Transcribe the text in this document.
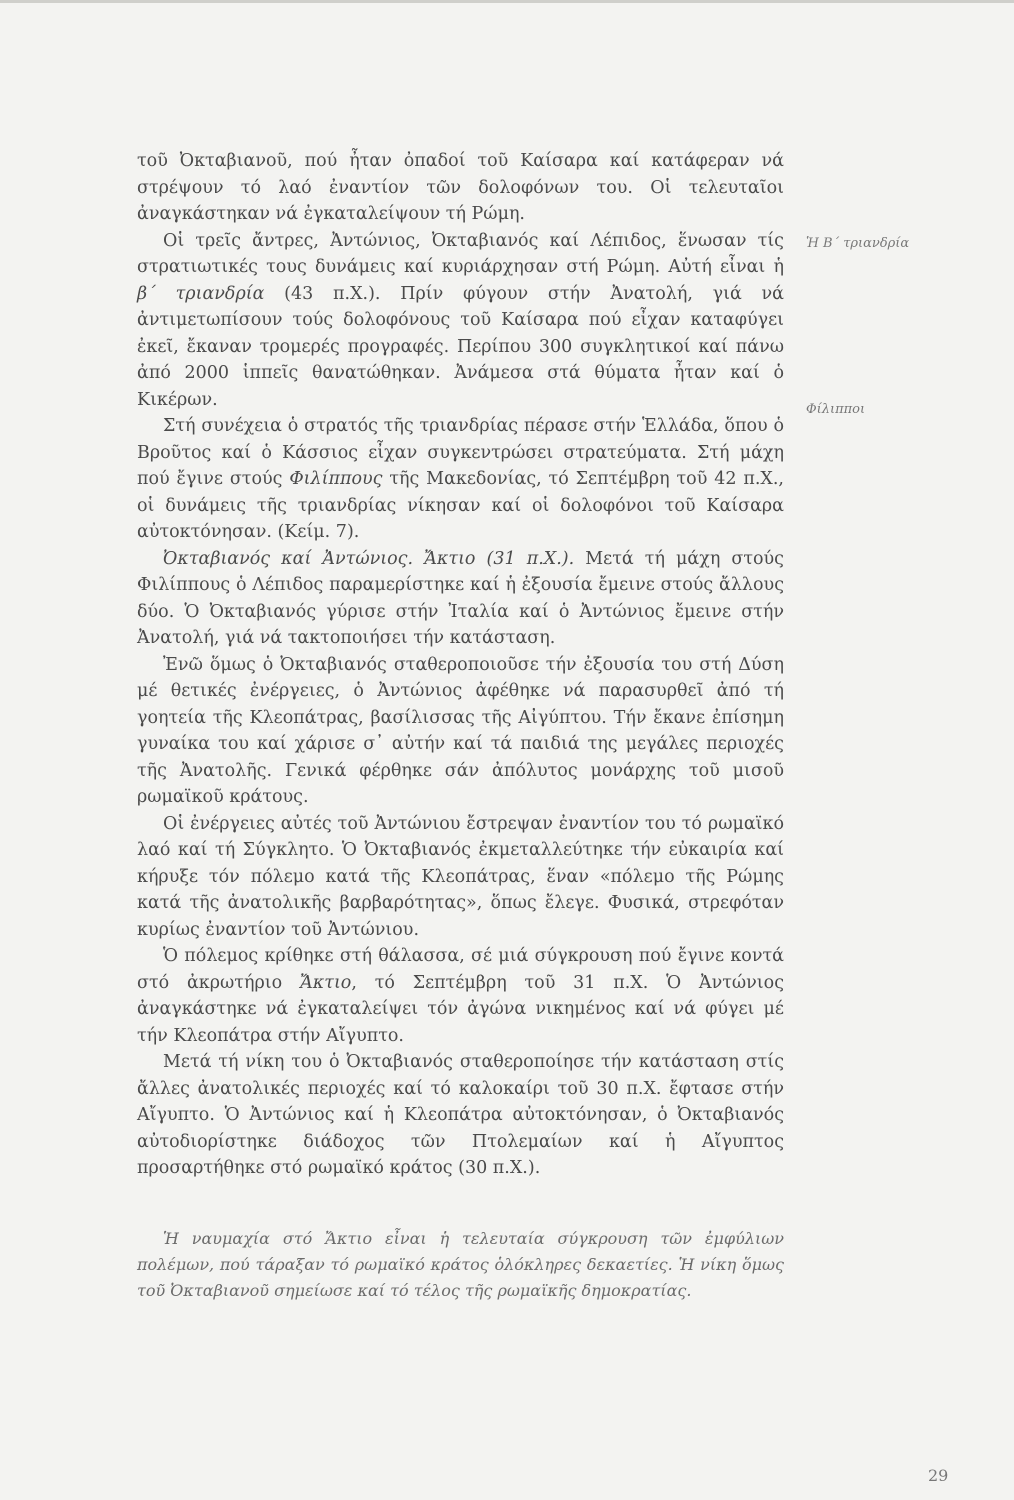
τοῦ Ὀκταβιανοῦ, πού ἦταν ὀπαδοί τοῦ Καίσαρα καί κατάφεραν νά στρέψουν τό λαό ἐναντίον τῶν δολοφόνων του. Οἱ τελευταῖοι ἀναγκάστηκαν νά ἐγκαταλείψουν τή Ρώμη.

Οἱ τρεῖς ἄντρες, Ἀντώνιος, Ὀκταβιανός καί Λέπιδος, ἕνωσαν τίς στρατιωτικές τους δυνάμεις καί κυριάρχησαν στή Ρώμη. Αὐτή εἶναι ἡ β΄ τριανδρία (43 π.Χ.). Πρίν φύγουν στήν Ἀνατολή, γιά νά ἀντιμετωπίσουν τούς δολοφόνους τοῦ Καίσαρα πού εἶχαν καταφύγει ἐκεῖ, ἔκαναν τρομερές προγραφές. Περίπου 300 συγκλητικοί καί πάνω ἀπό 2000 ἱππεῖς θανατώθηκαν. Ἀνάμεσα στά θύματα ἦταν καί ὁ Κικέρων.

Στή συνέχεια ὁ στρατός τῆς τριανδρίας πέρασε στήν Ἑλλάδα, ὅπου ὁ Βροῦτος καί ὁ Κάσσιος εἶχαν συγκεντρώσει στρατεύματα. Στή μάχη πού ἔγινε στούς Φιλίππους τῆς Μακεδονίας, τό Σεπτέμβρη τοῦ 42 π.Χ., οἱ δυνάμεις τῆς τριανδρίας νίκησαν καί οἱ δολοφόνοι τοῦ Καίσαρα αὐτοκτόνησαν. (Κείμ. 7).

Ὀκταβιανός καί Ἀντώνιος. Ἄκτιο (31 π.Χ.). Μετά τή μάχη στούς Φιλίππους ὁ Λέπιδος παραμερίστηκε καί ἡ ἐξουσία ἔμεινε στούς ἄλλους δύο. Ὁ Ὀκταβιανός γύρισε στήν Ἰταλία καί ὁ Ἀντώνιος ἔμεινε στήν Ἀνατολή, γιά νά τακτοποιήσει τήν κατάσταση.

Ἐνῶ ὅμως ὁ Ὀκταβιανός σταθεροποιοῦσε τήν ἐξουσία του στή Δύση μέ θετικές ἐνέργειες, ὁ Ἀντώνιος ἀφέθηκε νά παρασυρθεῖ ἀπό τή γοητεία τῆς Κλεοπάτρας, βασίλισσας τῆς Αἰγύπτου. Τήν ἔκανε ἐπίσημη γυναίκα του καί χάρισε σ᾽ αὐτήν καί τά παιδιά της μεγάλες περιοχές τῆς Ἀνατολῆς. Γενικά φέρθηκε σάν ἀπόλυτος μονάρχης τοῦ μισοῦ ρωμαϊκοῦ κράτους.

Οἱ ἐνέργειες αὐτές τοῦ Ἀντώνιου ἔστρεψαν ἐναντίον του τό ρωμαϊκό λαό καί τή Σύγκλητο. Ὁ Ὀκταβιανός ἐκμεταλλεύτηκε τήν εὐκαιρία καί κήρυξε τόν πόλεμο κατά τῆς Κλεοπάτρας, ἕναν «πόλεμο τῆς Ρώμης κατά τῆς ἀνατολικῆς βαρβαρότητας», ὅπως ἔλεγε. Φυσικά, στρεφόταν κυρίως ἐναντίον τοῦ Ἀντώνιου.

Ὁ πόλεμος κρίθηκε στή θάλασσα, σέ μιά σύγκρουση πού ἔγινε κοντά στό ἀκρωτήριο Ἄκτιο, τό Σεπτέμβρη τοῦ 31 π.Χ. Ὁ Ἀντώνιος ἀναγκάστηκε νά ἐγκαταλείψει τόν ἀγώνα νικημένος καί νά φύγει μέ τήν Κλεοπάτρα στήν Αἴγυπτο.

Μετά τή νίκη του ὁ Ὀκταβιανός σταθεροποίησε τήν κατάσταση στίς ἄλλες ἀνατολικές περιοχές καί τό καλοκαίρι τοῦ 30 π.Χ. ἔφτασε στήν Αἴγυπτο. Ὁ Ἀντώνιος καί ἡ Κλεοπάτρα αὐτοκτόνησαν, ὁ Ὀκταβιανός αὐτοδιορίστηκε διάδοχος τῶν Πτολεμαίων καί ἡ Αἴγυπτος προσαρτήθηκε στό ρωμαϊκό κράτος (30 π.Χ.).

Ἡ ναυμαχία στό Ἄκτιο εἶναι ἡ τελευταία σύγκρουση τῶν ἐμφύλιων πολέμων, πού τάραξαν τό ρωμαϊκό κράτος ὁλόκληρες δεκαετίες. Ἡ νίκη ὅμως τοῦ Ὀκταβιανοῦ σημείωσε καί τό τέλος τῆς ρωμαϊκῆς δημοκρατίας.
Ἡ Β΄ τριανδρία
Φίλιπποι
29
